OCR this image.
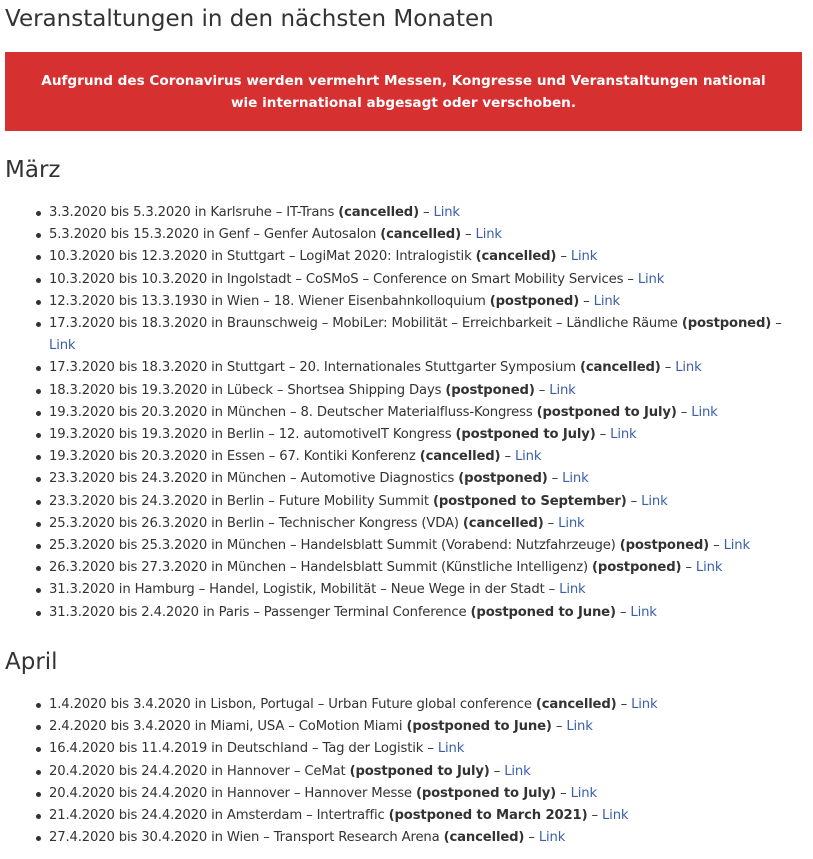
Veranstaltungen in den nächsten Monaten

Aufgrund des Coronavirus werden vermehrt Messen, Kongresse und Veranstaltungen national wie international abgesagt oder verschoben.

März
3.3.2020 bis 5.3.2020 in Karlsruhe – IT-Trans (cancelled) – Link
5.3.2020 bis 15.3.2020 in Genf – Genfer Autosalon (cancelled) – Link
10.3.2020 bis 12.3.2020 in Stuttgart – LogiMat 2020: Intralogistik (cancelled) – Link
10.3.2020 bis 10.3.2020 in Ingolstadt – CoSMoS – Conference on Smart Mobility Services – Link
12.3.2020 bis 13.3.1930 in Wien – 18. Wiener Eisenbahnkolloquium (postponed) – Link
17.3.2020 bis 18.3.2020 in Braunschweig – MobiLer: Mobilität – Erreichbarkeit – Ländliche Räume (postponed) – Link
17.3.2020 bis 18.3.2020 in Stuttgart – 20. Internationales Stuttgarter Symposium (cancelled) – Link
18.3.2020 bis 19.3.2020 in Lübeck – Shortsea Shipping Days (postponed) – Link
19.3.2020 bis 20.3.2020 in München – 8. Deutscher Materialfluss-Kongress (postponed to July) – Link
19.3.2020 bis 19.3.2020 in Berlin – 12. automotiveIT Kongress (postponed to July) – Link
19.3.2020 bis 20.3.2020 in Essen – 67. Kontiki Konferenz (cancelled) – Link
23.3.2020 bis 24.3.2020 in München – Automotive Diagnostics (postponed) – Link
23.3.2020 bis 24.3.2020 in Berlin – Future Mobility Summit (postponed to September) – Link
25.3.2020 bis 26.3.2020 in Berlin – Technischer Kongress (VDA) (cancelled) – Link
25.3.2020 bis 25.3.2020 in München – Handelsblatt Summit (Vorabend: Nutzfahrzeuge) (postponed) – Link
26.3.2020 bis 27.3.2020 in München – Handelsblatt Summit (Künstliche Intelligenz) (postponed) – Link
31.3.2020 in Hamburg – Handel, Logistik, Mobilität – Neue Wege in der Stadt – Link
31.3.2020 bis 2.4.2020 in Paris – Passenger Terminal Conference (postponed to June) – Link
April
1.4.2020 bis 3.4.2020 in Lisbon, Portugal – Urban Future global conference (cancelled) – Link
2.4.2020 bis 3.4.2020 in Miami, USA – CoMotion Miami (postponed to June) – Link
16.4.2020 bis 11.4.2019 in Deutschland – Tag der Logistik – Link
20.4.2020 bis 24.4.2020 in Hannover – CeMat (postponed to July) – Link
20.4.2020 bis 24.4.2020 in Hannover – Hannover Messe (postponed to July) – Link
21.4.2020 bis 24.4.2020 in Amsterdam – Intertraffic (postponed to March 2021) – Link
27.4.2020 bis 30.4.2020 in Wien – Transport Research Arena (cancelled) – Link
